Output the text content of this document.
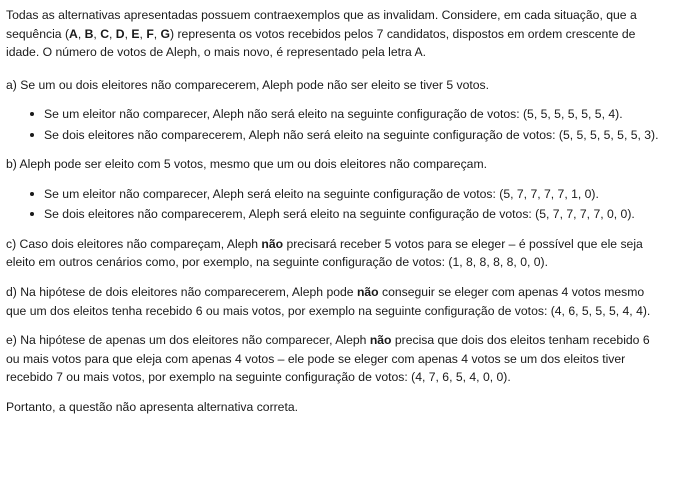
Todas as alternativas apresentadas possuem contraexemplos que as invalidam. Considere, em cada situação, que a sequência (A, B, C, D, E, F, G) representa os votos recebidos pelos 7 candidatos, dispostos em ordem crescente de idade. O número de votos de Aleph, o mais novo, é representado pela letra A.

a) Se um ou dois eleitores não comparecerem, Aleph pode não ser eleito se tiver 5 votos.

Se um eleitor não comparecer, Aleph não será eleito na seguinte configuração de votos: (5, 5, 5, 5, 5, 5, 4).
Se dois eleitores não comparecerem, Aleph não será eleito na seguinte configuração de votos: (5, 5, 5, 5, 5, 5, 3).

b) Aleph pode ser eleito com 5 votos, mesmo que um ou dois eleitores não compareçam.

Se um eleitor não comparecer, Aleph será eleito na seguinte configuração de votos: (5, 7, 7, 7, 7, 1, 0).
Se dois eleitores não comparecerem, Aleph será eleito na seguinte configuração de votos: (5, 7, 7, 7, 7, 0, 0).

c) Caso dois eleitores não compareçam, Aleph não precisará receber 5 votos para se eleger – é possível que ele seja eleito em outros cenários como, por exemplo, na seguinte configuração de votos: (1, 8, 8, 8, 8, 0, 0).

d) Na hipótese de dois eleitores não comparecerem, Aleph pode não conseguir se eleger com apenas 4 votos mesmo que um dos eleitos tenha recebido 6 ou mais votos, por exemplo na seguinte configuração de votos: (4, 6, 5, 5, 5, 4, 4).

e) Na hipótese de apenas um dos eleitores não comparecer, Aleph não precisa que dois dos eleitos tenham recebido 6 ou mais votos para que eleja com apenas 4 votos – ele pode se eleger com apenas 4 votos se um dos eleitos tiver recebido 7 ou mais votos, por exemplo na seguinte configuração de votos: (4, 7, 6, 5, 4, 0, 0).

Portanto, a questão não apresenta alternativa correta.
